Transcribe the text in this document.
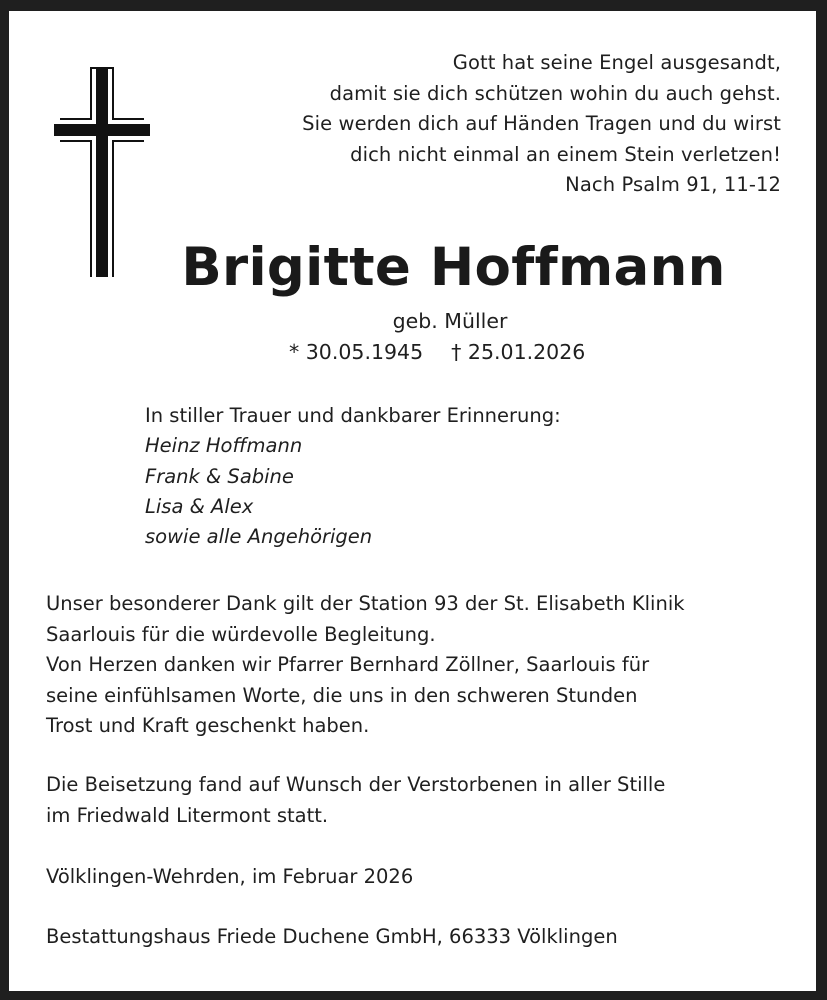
Gott hat seine Engel ausgesandt,
damit sie dich schützen wohin du auch gehst.
Sie werden dich auf Händen Tragen und du wirst
dich nicht einmal an einem Stein verletzen!
Nach Psalm 91, 11-12
Brigitte Hoffmann
geb. Müller
* 30.05.1945 † 25.01.2026
In stiller Trauer und dankbarer Erinnerung:
Heinz Hoffmann
Frank & Sabine
Lisa & Alex
sowie alle Angehörigen
Unser besonderer Dank gilt der Station 93 der St. Elisabeth Klinik
Saarlouis für die würdevolle Begleitung.
Von Herzen danken wir Pfarrer Bernhard Zöllner, Saarlouis für
seine einfühlsamen Worte, die uns in den schweren Stunden
Trost und Kraft geschenkt haben.
Die Beisetzung fand auf Wunsch der Verstorbenen in aller Stille
im Friedwald Litermont statt.
Völklingen-Wehrden, im Februar 2026
Bestattungshaus Friede Duchene GmbH, 66333 Völklingen
